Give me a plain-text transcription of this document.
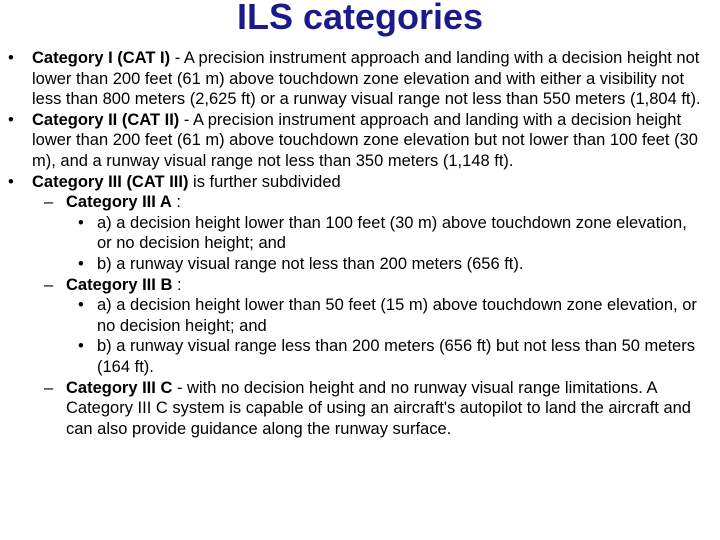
ILS categories
• Category I (CAT I) - A precision instrument approach and landing with a decision height not lower than 200 feet (61 m) above touchdown zone elevation and with either a visibility not less than 800 meters (2,625 ft) or a runway visual range not less than 550 meters (1,804 ft).
• Category II (CAT II) - A precision instrument approach and landing with a decision height lower than 200 feet (61 m) above touchdown zone elevation but not lower than 100 feet (30 m), and a runway visual range not less than 350 meters (1,148 ft).
• Category III (CAT III) is further subdivided
– Category III A :
• a) a decision height lower than 100 feet (30 m) above touchdown zone elevation, or no decision height; and
• b) a runway visual range not less than 200 meters (656 ft).
– Category III B :
• a) a decision height lower than 50 feet (15 m) above touchdown zone elevation, or no decision height; and
• b) a runway visual range less than 200 meters (656 ft) but not less than 50 meters (164 ft).
– Category III C - with no decision height and no runway visual range limitations. A Category III C system is capable of using an aircraft's autopilot to land the aircraft and can also provide guidance along the runway surface.
